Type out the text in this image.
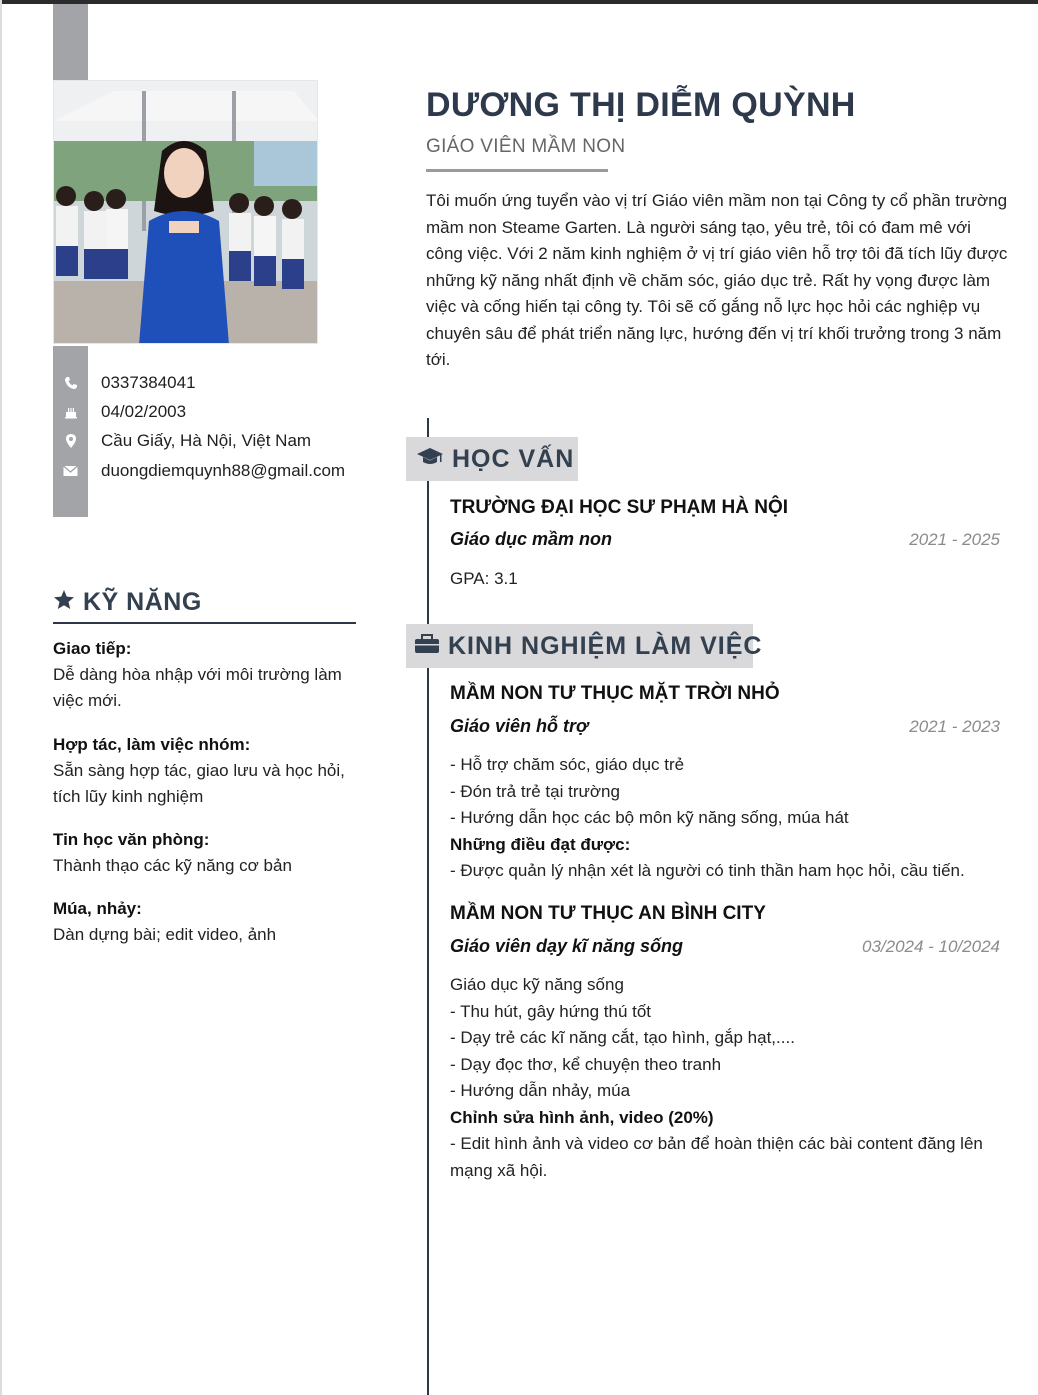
0337384041
04/02/2003
Cầu Giấy, Hà Nội, Việt Nam
duongdiemquynh88@gmail.com
KỸ NĂNG
Giao tiếp:
Dễ dàng hòa nhập với môi trường làm việc mới.
Hợp tác, làm việc nhóm:
Sẵn sàng hợp tác, giao lưu và học hỏi, tích lũy kinh nghiệm
Tin học văn phòng:
Thành thạo các kỹ năng cơ bản
Múa, nhảy:
Dàn dựng bài; edit video, ảnh
DƯƠNG THỊ DIỄM QUỲNH
GIÁO VIÊN MẦM NON
Tôi muốn ứng tuyển vào vị trí Giáo viên mầm non tại Công ty cổ phần trường mầm non Steame Garten. Là người sáng tạo, yêu trẻ, tôi có đam mê với công việc. Với 2 năm kinh nghiệm ở vị trí giáo viên hỗ trợ tôi đã tích lũy được những kỹ năng nhất định về chăm sóc, giáo dục trẻ. Rất hy vọng được làm việc và cống hiến tại công ty. Tôi sẽ cố gắng nỗ lực học hỏi các nghiệp vụ chuyên sâu để phát triển năng lực, hướng đến vị trí khối trưởng trong 3 năm tới.
HỌC VẤN
TRƯỜNG ĐẠI HỌC SƯ PHẠM HÀ NỘI
Giáo dục mầm non	2021 - 2025
GPA: 3.1
KINH NGHIỆM LÀM VIỆC
MẦM NON TƯ THỤC MẶT TRỜI NHỎ
Giáo viên hỗ trợ	2021 - 2023
- Hỗ trợ chăm sóc, giáo dục trẻ
- Đón trả trẻ tại trường
- Hướng dẫn học các bộ môn kỹ năng sống, múa hát
Những điều đạt được:
- Được quản lý nhận xét là người có tinh thần ham học hỏi, cầu tiến.
MẦM NON TƯ THỤC AN BÌNH CITY
Giáo viên dạy kĩ năng sống	03/2024 - 10/2024
Giáo dục kỹ năng sống
- Thu hút, gây hứng thú tốt
- Dạy trẻ các kĩ năng cắt, tạo hình, gắp hạt,....
- Dạy đọc thơ, kể chuyện theo tranh
- Hướng dẫn nhảy, múa
Chỉnh sửa hình ảnh, video (20%)
- Edit hình ảnh và video cơ bản để hoàn thiện các bài content đăng lên mạng xã hội.
